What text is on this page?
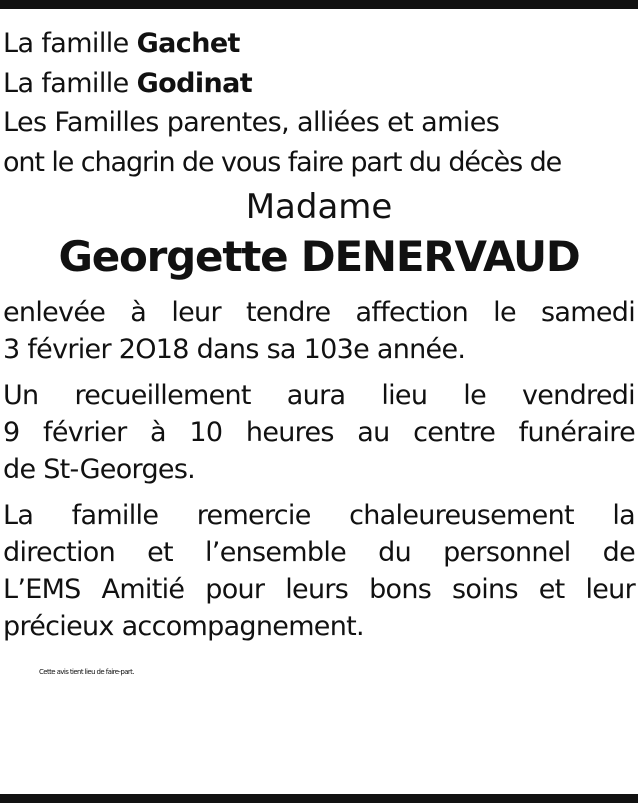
La famille Gachet
La famille Godinat
Les Familles parentes, alliées et amies
ont le chagrin de vous faire part du décès de
Madame
Georgette DENERVAUD
enlevée à leur tendre affection le samedi
3 février 2O18 dans sa 103e année.
Un recueillement aura lieu le vendredi
9 février à 10 heures au centre funéraire
de St-Georges.
La famille remercie chaleureusement la
direction et l’ensemble du personnel de
L’EMS Amitié pour leurs bons soins et leur
précieux accompagnement.
Cette avis tient lieu de faire-part.
